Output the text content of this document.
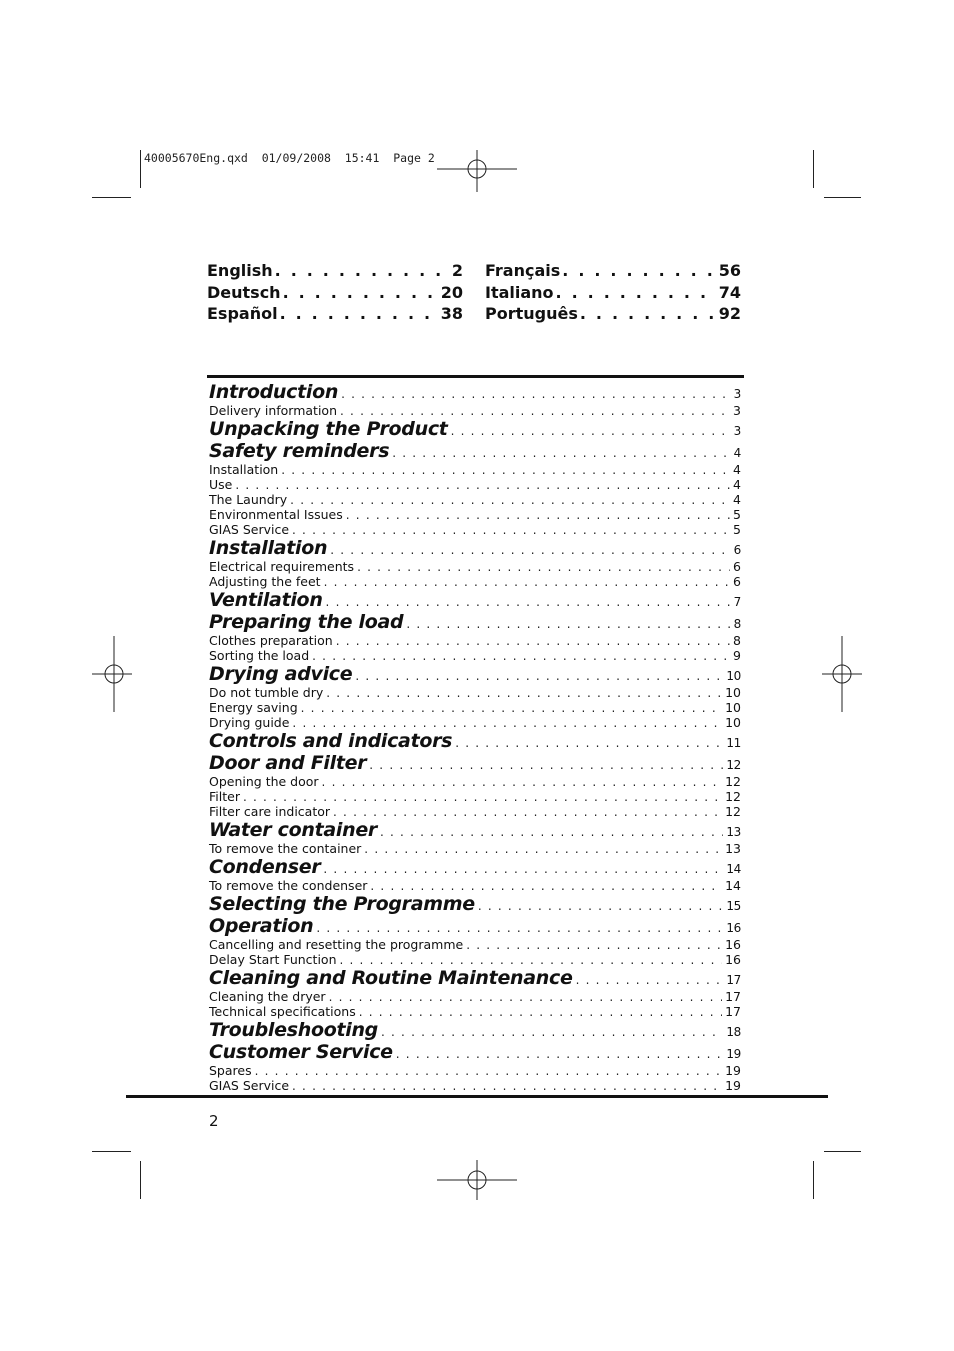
40005670Eng.qxd  01/09/2008  15:41  Page 2
English . . .	2
Deutsch . . .	20
Español . . .	38
Français . . .	56
Italiano . . .	74
Português . . .	92
Introduction . . .	3
Delivery information . . .	3
Unpacking the Product . . .	3
Safety reminders . . .	4
Installation . . .	4
Use . . .	4
The Laundry . . .	4
Environmental Issues . . .	5
GIAS Service . . .	5
Installation . . .	6
Electrical requirements . . .	6
Adjusting the feet . . .	6
Ventilation . . .	7
Preparing the load . . .	8
Clothes preparation . . .	8
Sorting the load . . .	9
Drying advice . . .	10
Do not tumble dry . . .	10
Energy saving . . .	10
Drying guide . . .	10
Controls and indicators . . .	11
Door and Filter . . .	12
Opening the door . . .	12
Filter . . .	12
Filter care indicator . . .	12
Water container . . .	13
To remove the container . . .	13
Condenser . . .	14
To remove the condenser . . .	14
Selecting the Programme . . .	15
Operation . . .	16
Cancelling and resetting the programme . . .	16
Delay Start Function . . .	16
Cleaning and Routine Maintenance . . .	17
Cleaning the dryer . . .	17
Technical specifications . . .	17
Troubleshooting . . .	18
Customer Service . . .	19
Spares . . .	19
GIAS Service . . .	19
2
